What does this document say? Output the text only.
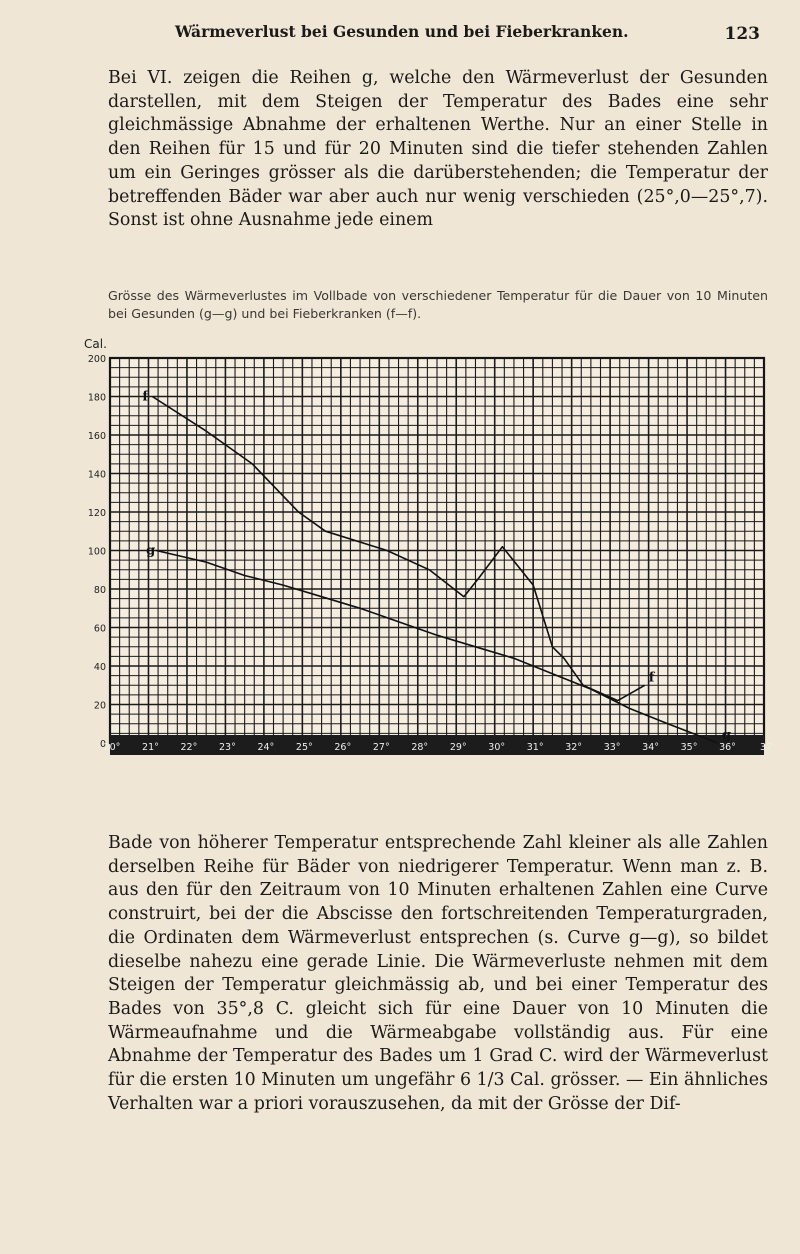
Wärmeverlust bei Gesunden und bei Fieberkranken.	123
Bei VI. zeigen die Reihen g, welche den Wärmeverlust der Gesunden darstellen, mit dem Steigen der Temperatur des Bades eine sehr gleichmässige Abnahme der erhaltenen Werthe. Nur an einer Stelle in den Reihen für 15 und für 20 Minuten sind die tiefer stehenden Zahlen um ein Geringes grösser als die darüberstehenden; die Temperatur der betreffenden Bäder war aber auch nur wenig verschieden (25°,0—25°,7). Sonst ist ohne Ausnahme jede einem
Grösse des Wärmeverlustes im Vollbade von verschiedener Temperatur für die Dauer von 10 Minuten bei Gesunden (g—g) und bei Fieberkranken (f—f).
Cal.
0
20
40
60
80
100
120
140
160
180
200
20° 21° 22° 23° 24° 25° 26° 27° 28° 29° 30° 31° 32° 33° 34° 35° 36°	37
f
f
g
g
Bade von höherer Temperatur entsprechende Zahl kleiner als alle Zahlen derselben Reihe für Bäder von niedrigerer Temperatur. Wenn man z. B. aus den für den Zeitraum von 10 Minuten erhaltenen Zahlen eine Curve construirt, bei der die Abscisse den fortschreitenden Temperaturgraden, die Ordinaten dem Wärmeverlust entsprechen (s. Curve g—g), so bildet dieselbe nahezu eine gerade Linie. Die Wärmeverluste nehmen mit dem Steigen der Temperatur gleichmässig ab, und bei einer Temperatur des Bades von 35°,8 C. gleicht sich für eine Dauer von 10 Minuten die Wärmeaufnahme und die Wärmeabgabe vollständig aus. Für eine Abnahme der Temperatur des Bades um 1 Grad C. wird der Wärmeverlust für die ersten 10 Minuten um ungefähr 6 1/3 Cal. grösser. — Ein ähnliches Verhalten war a priori vorauszusehen, da mit der Grösse der Dif-
